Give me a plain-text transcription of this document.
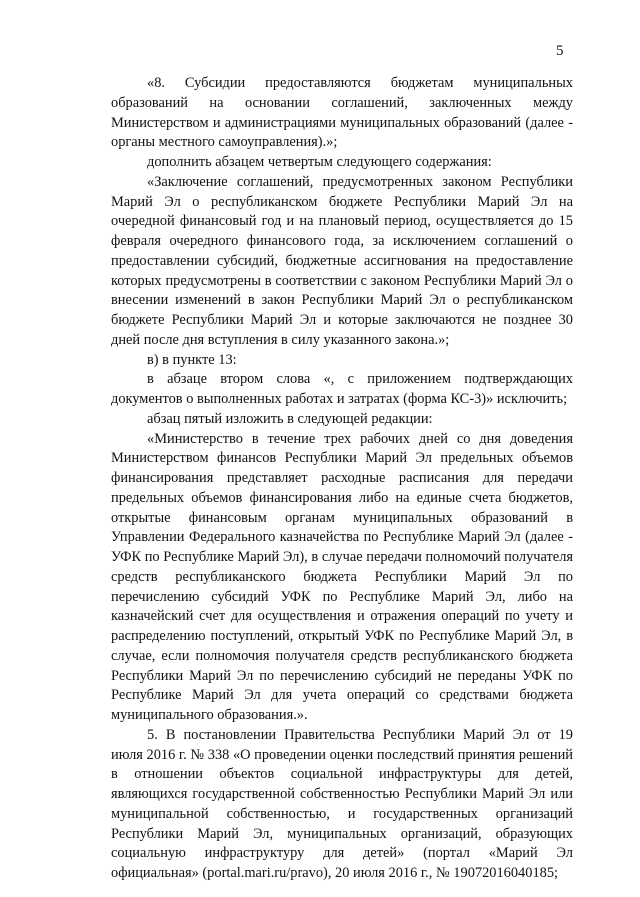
5

«8. Субсидии предоставляются бюджетам муниципальных образований на основании соглашений, заключенных между Министерством и администрациями муниципальных образований (далее - органы местного самоуправления).»;

дополнить абзацем четвертым следующего содержания:

«Заключение соглашений, предусмотренных законом Республики Марий Эл о республиканском бюджете Республики Марий Эл на очередной финансовый год и на плановый период, осуществляется до 15 февраля очередного финансового года, за исключением соглашений о предоставлении субсидий, бюджетные ассигнования на предоставление которых предусмотрены в соответствии с законом Республики Марий Эл о внесении изменений в закон Республики Марий Эл о республиканском бюджете Республики Марий Эл и которые заключаются не позднее 30 дней после дня вступления в силу указанного закона.»;

в) в пункте 13:

в абзаце втором слова «, с приложением подтверждающих документов о выполненных работах и затратах (форма КС-3)» исключить;

абзац пятый изложить в следующей редакции:

«Министерство в течение трех рабочих дней со дня доведения Министерством финансов Республики Марий Эл предельных объемов финансирования представляет расходные расписания для передачи предельных объемов финансирования либо на единые счета бюджетов, открытые финансовым органам муниципальных образований в Управлении Федерального казначейства по Республике Марий Эл (далее - УФК по Республике Марий Эл), в случае передачи полномочий получателя средств республиканского бюджета Республики Марий Эл по перечислению субсидий УФК по Республике Марий Эл, либо на казначейский счет для осуществления и отражения операций по учету и распределению поступлений, открытый УФК по Республике Марий Эл, в случае, если полномочия получателя средств республиканского бюджета Республики Марий Эл по перечислению субсидий не переданы УФК по Республике Марий Эл для учета операций со средствами бюджета муниципального образования.».

5. В постановлении Правительства Республики Марий Эл от 19 июля 2016 г. № 338 «О проведении оценки последствий принятия решений в отношении объектов социальной инфраструктуры для детей, являющихся государственной собственностью Республики Марий Эл или муниципальной собственностью, и государственных организаций Республики Марий Эл, муниципальных организаций, образующих социальную инфраструктуру для детей» (портал «Марий Эл официальная» (portal.mari.ru/pravo), 20 июля 2016 г., № 19072016040185;
